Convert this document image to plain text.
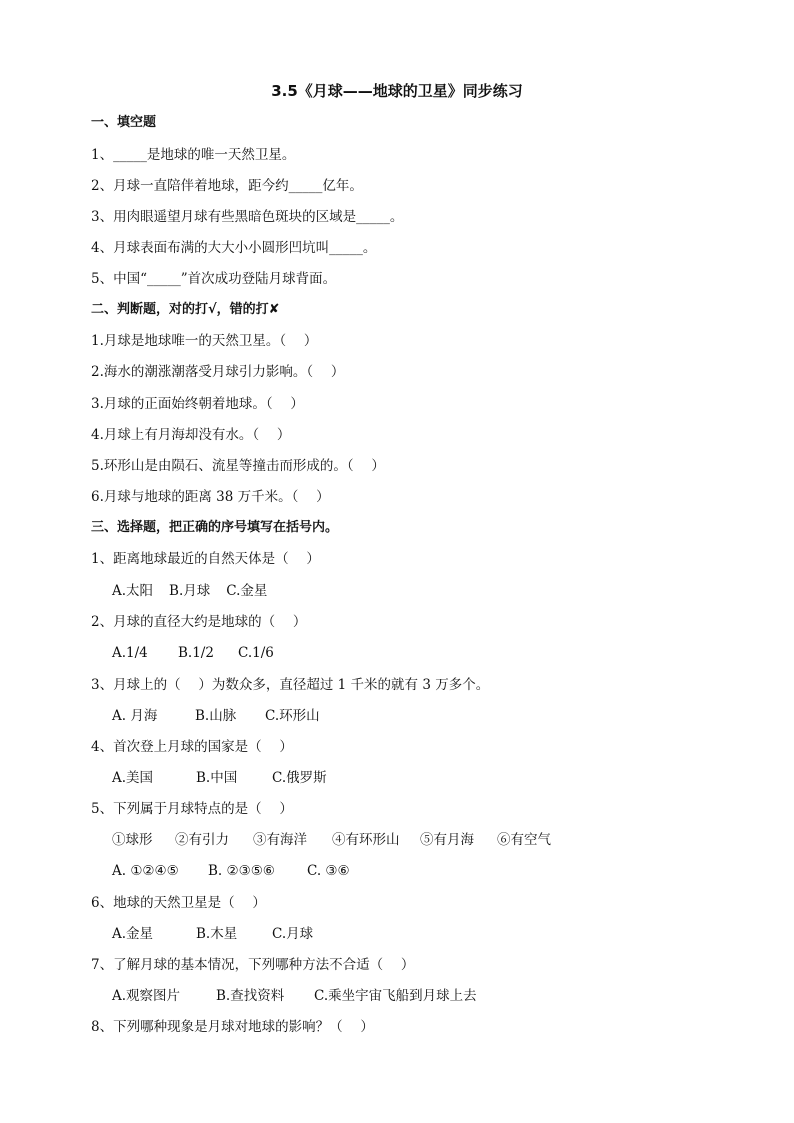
3.5《月球——地球的卫星》同步练习
一、填空题
1、_____是地球的唯一天然卫星。
2、月球一直陪伴着地球，距今约_____亿年。
3、用肉眼遥望月球有些黑暗色斑块的区域是_____。
4、月球表面布满的大大小小圆形凹坑叫_____。
5、中国“_____”首次成功登陆月球背面。
二、判断题，对的打√，错的打✘
1.月球是地球唯一的天然卫星。（　 ）
2.海水的潮涨潮落受月球引力影响。（　 ）
3.月球的正面始终朝着地球。（　 ）
4.月球上有月海却没有水。（　 ）
5.环形山是由陨石、流星等撞击而形成的。（　 ）
6.月球与地球的距离 38 万千米。（　 ）
三、选择题，把正确的序号填写在括号内。
1、距离地球最近的自然天体是（　 ）
A.太阳 B.月球 C.金星
2、月球的直径大约是地球的（　 ）
A.1/4 B.1/2 C.1/6
3、月球上的（　 ）为数众多，直径超过 1 千米的就有 3 万多个。
A. 月海	B.山脉 C.环形山
4、首次登上月球的国家是（　 ）
A.美国	B.中国	C.俄罗斯
5、下列属于月球特点的是（　 ）
①球形 ②有引力 ③有海洋 ④有环形山 ⑤有月海 ⑥有空气
A. ①②④⑤ B. ②③⑤⑥ C. ③⑥
6、地球的天然卫星是（　 ）
A.金星	B.木星	C.月球
7、了解月球的基本情况，下列哪种方法不合适（　 ）
A.观察图片	B.查找资料 C.乘坐宇宙飞船到月球上去
8、下列哪种现象是月球对地球的影响？（　 ）
